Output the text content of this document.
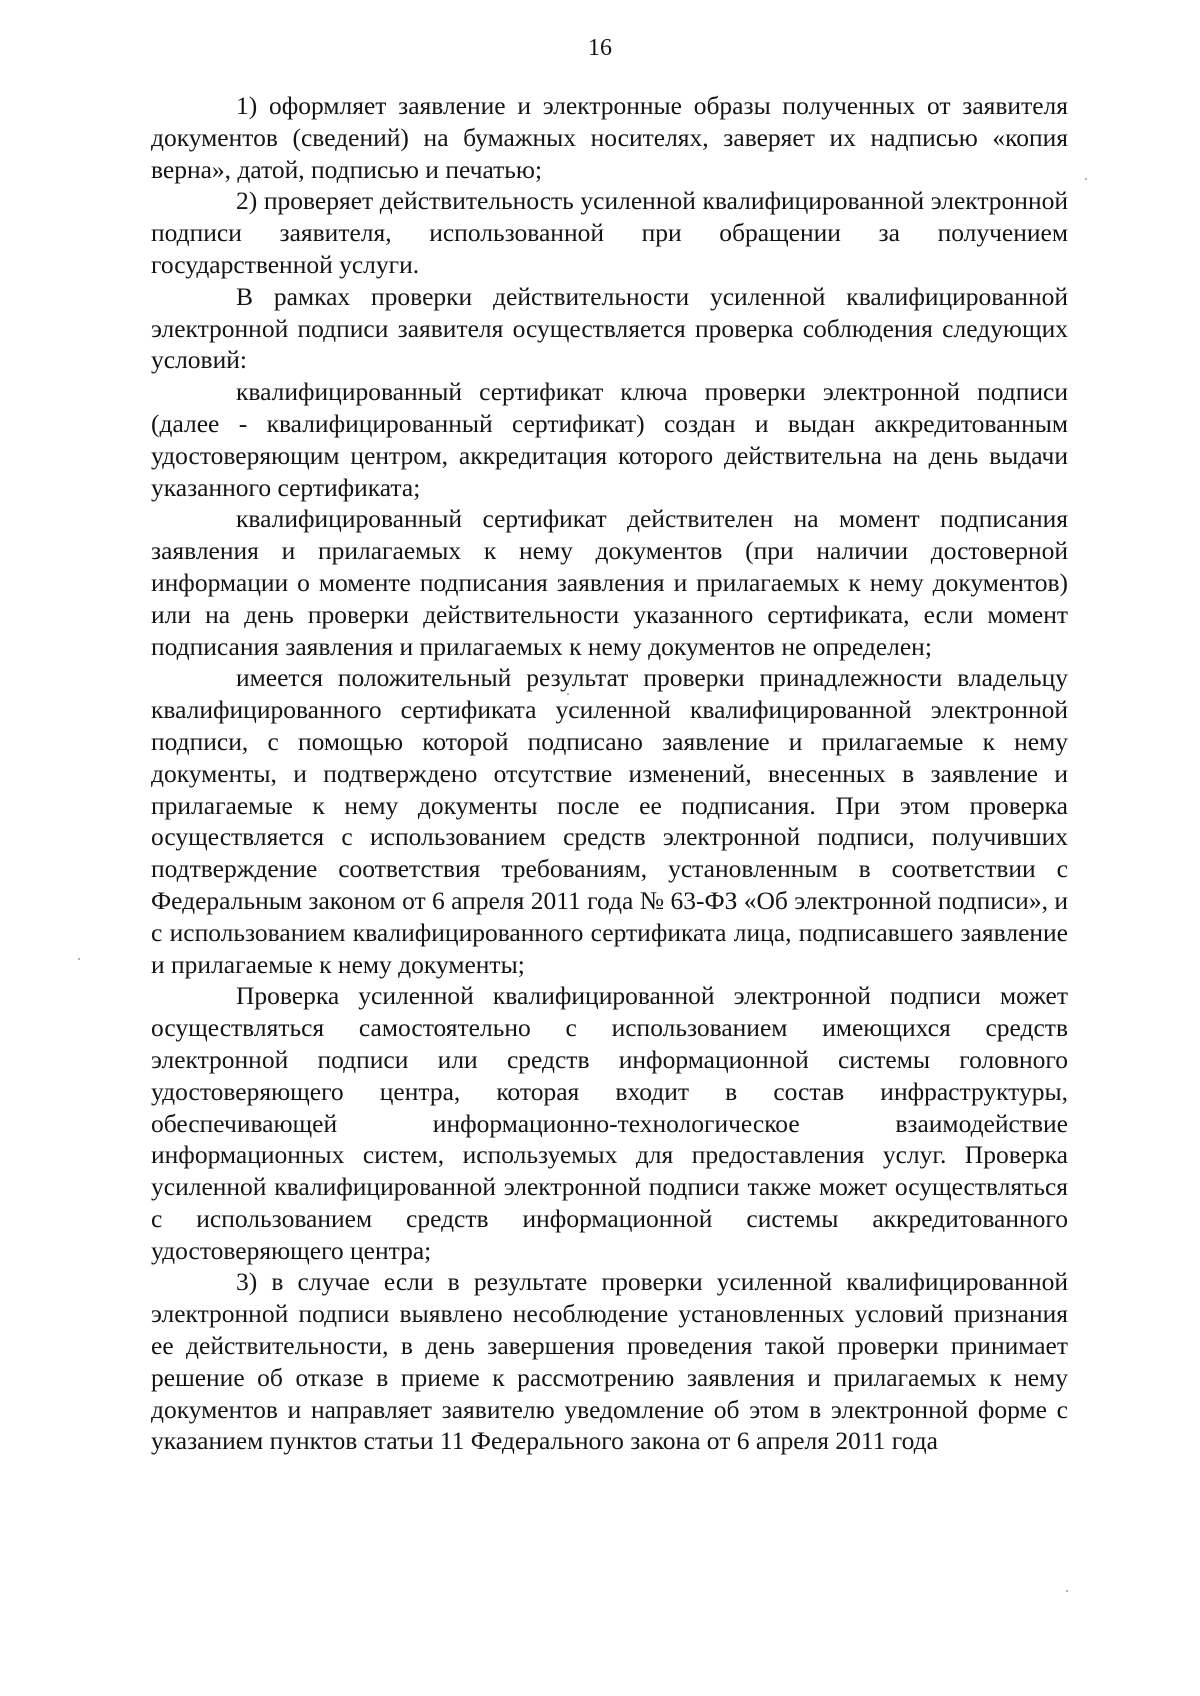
16

1) оформляет заявление и электронные образы полученных от заявителя документов (сведений) на бумажных носителях, заверяет их надписью «копия верна», датой, подписью и печатью;

2) проверяет действительность усиленной квалифицированной электронной подписи заявителя, использованной при обращении за получением государственной услуги.

В рамках проверки действительности усиленной квалифицированной электронной подписи заявителя осуществляется проверка соблюдения следующих условий:

квалифицированный сертификат ключа проверки электронной подписи (далее - квалифицированный сертификат) создан и выдан аккредитованным удостоверяющим центром, аккредитация которого действительна на день выдачи указанного сертификата;

квалифицированный сертификат действителен на момент подписания заявления и прилагаемых к нему документов (при наличии достоверной информации о моменте подписания заявления и прилагаемых к нему документов) или на день проверки действительности указанного сертификата, если момент подписания заявления и прилагаемых к нему документов не определен;

имеется положительный результат проверки принадлежности владельцу квалифицированного сертификата усиленной квалифицированной электронной подписи, с помощью которой подписано заявление и прилагаемые к нему документы, и подтверждено отсутствие изменений, внесенных в заявление и прилагаемые к нему документы после ее подписания. При этом проверка осуществляется с использованием средств электронной подписи, получивших подтверждение соответствия требованиям, установленным в соответствии с Федеральным законом от 6 апреля 2011 года № 63-ФЗ «Об электронной подписи», и с использованием квалифицированного сертификата лица, подписавшего заявление и прилагаемые к нему документы;

Проверка усиленной квалифицированной электронной подписи может осуществляться самостоятельно с использованием имеющихся средств электронной подписи или средств информационной системы головного удостоверяющего центра, которая входит в состав инфраструктуры, обеспечивающей информационно-технологическое взаимодействие информационных систем, используемых для предоставления услуг. Проверка усиленной квалифицированной электронной подписи также может осуществляться с использованием средств информационной системы аккредитованного удостоверяющего центра;

3) в случае если в результате проверки усиленной квалифицированной электронной подписи выявлено несоблюдение установленных условий признания ее действительности, в день завершения проведения такой проверки принимает решение об отказе в приеме к рассмотрению заявления и прилагаемых к нему документов и направляет заявителю уведомление об этом в электронной форме с указанием пунктов статьи 11 Федерального закона от 6 апреля 2011 года
